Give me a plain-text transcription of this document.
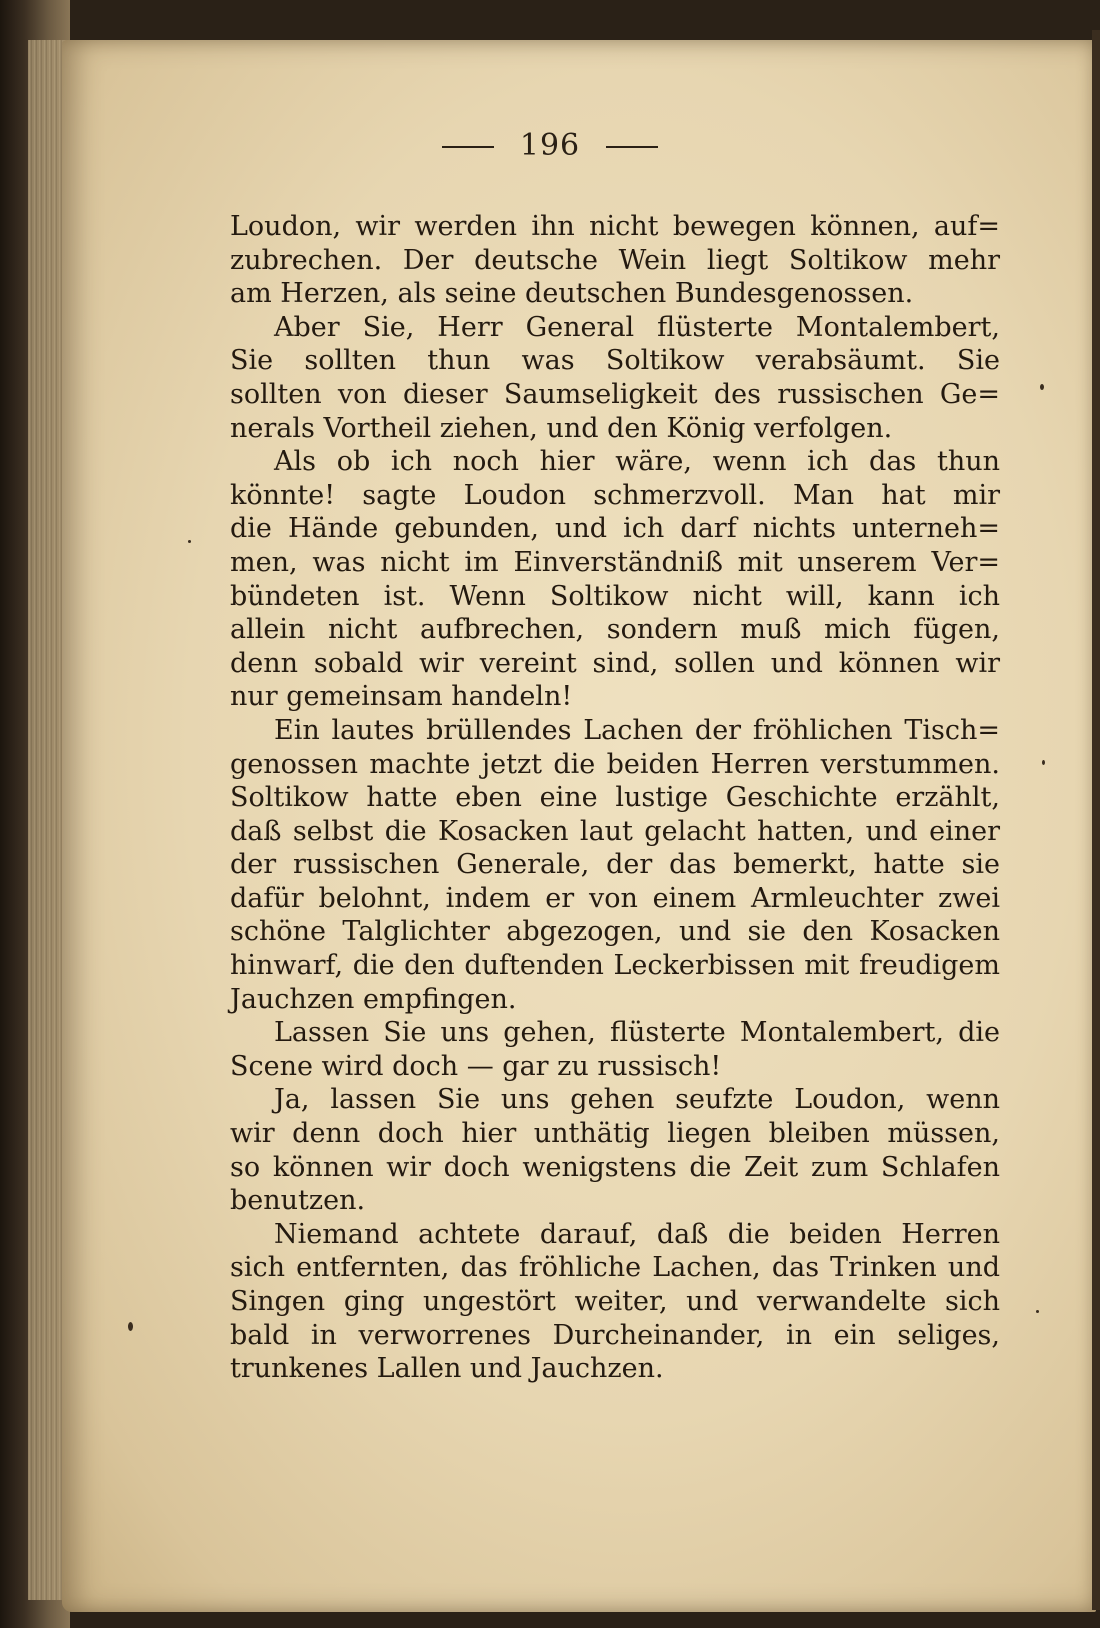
196
Loudon, wir werden ihn nicht bewegen können, auf=
zubrechen. Der deutsche Wein liegt Soltikow mehr
am Herzen, als seine deutschen Bundesgenossen.
Aber Sie, Herr General flüsterte Montalembert,
Sie sollten thun was Soltikow verabsäumt. Sie
sollten von dieser Saumseligkeit des russischen Ge=
nerals Vortheil ziehen, und den König verfolgen.
Als ob ich noch hier wäre, wenn ich das thun
könnte! sagte Loudon schmerzvoll. Man hat mir
die Hände gebunden, und ich darf nichts unterneh=
men, was nicht im Einverständniß mit unserem Ver=
bündeten ist. Wenn Soltikow nicht will, kann ich
allein nicht aufbrechen, sondern muß mich fügen,
denn sobald wir vereint sind, sollen und können wir
nur gemeinsam handeln!
Ein lautes brüllendes Lachen der fröhlichen Tisch=
genossen machte jetzt die beiden Herren verstummen.
Soltikow hatte eben eine lustige Geschichte erzählt,
daß selbst die Kosacken laut gelacht hatten, und einer
der russischen Generale, der das bemerkt, hatte sie
dafür belohnt, indem er von einem Armleuchter zwei
schöne Talglichter abgezogen, und sie den Kosacken
hinwarf, die den duftenden Leckerbissen mit freudigem
Jauchzen empfingen.
Lassen Sie uns gehen, flüsterte Montalembert, die
Scene wird doch — gar zu russisch!
Ja, lassen Sie uns gehen seufzte Loudon, wenn
wir denn doch hier unthätig liegen bleiben müssen,
so können wir doch wenigstens die Zeit zum Schlafen
benutzen.
Niemand achtete darauf, daß die beiden Herren
sich entfernten, das fröhliche Lachen, das Trinken und
Singen ging ungestört weiter, und verwandelte sich
bald in verworrenes Durcheinander, in ein seliges,
trunkenes Lallen und Jauchzen.
